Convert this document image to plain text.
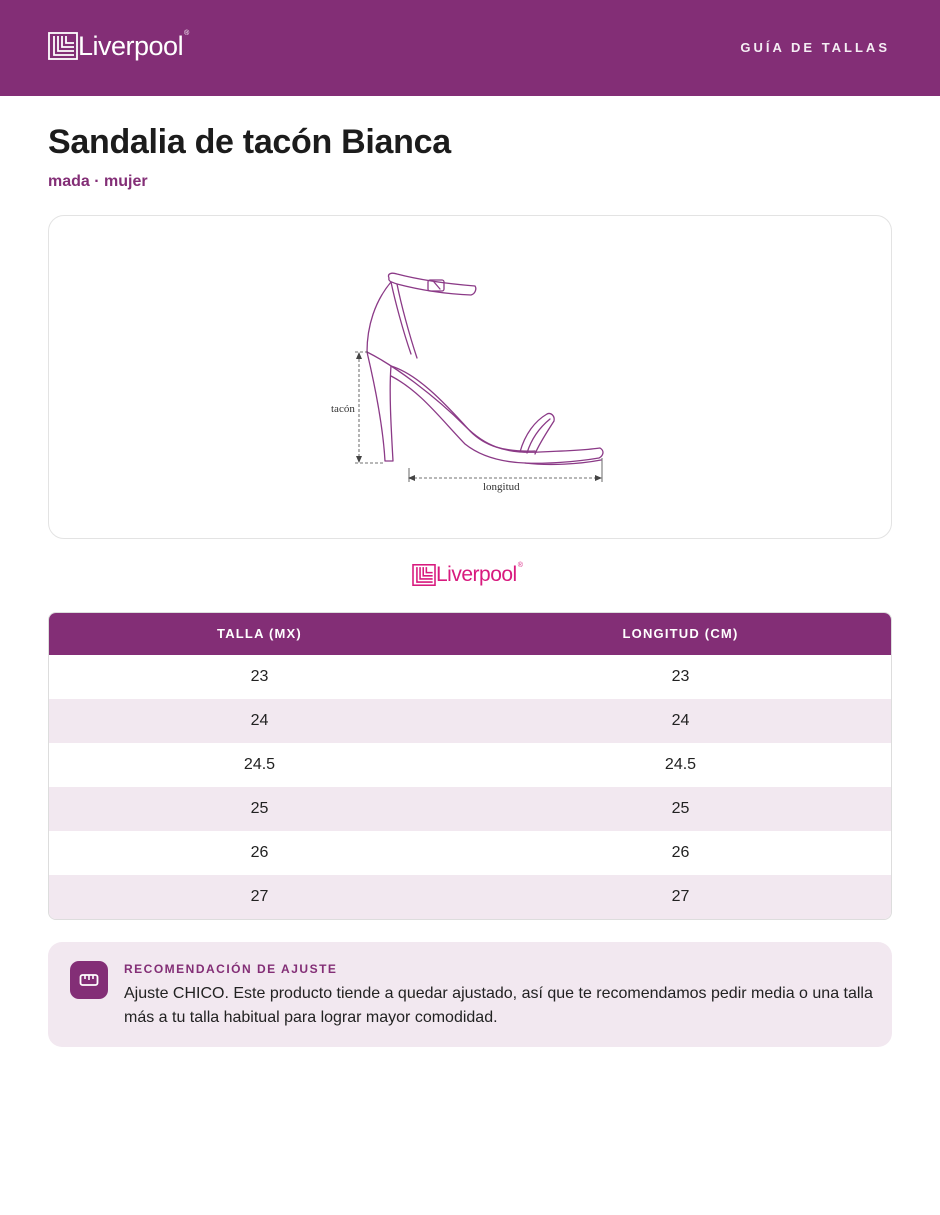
Liverpool ®
GUÍA DE TALLAS
Sandalia de tacón Bianca
mada · mujer
tacón
longitud
Liverpool ®
TALLA (MX)	LONGITUD (CM)
23	23
24	24
24.5	24.5
25	25
26	26
27	27
RECOMENDACIÓN DE AJUSTE
Ajuste CHICO. Este producto tiende a quedar ajustado, así que te recomendamos pedir media o una talla más a tu talla habitual para lograr mayor comodidad.
